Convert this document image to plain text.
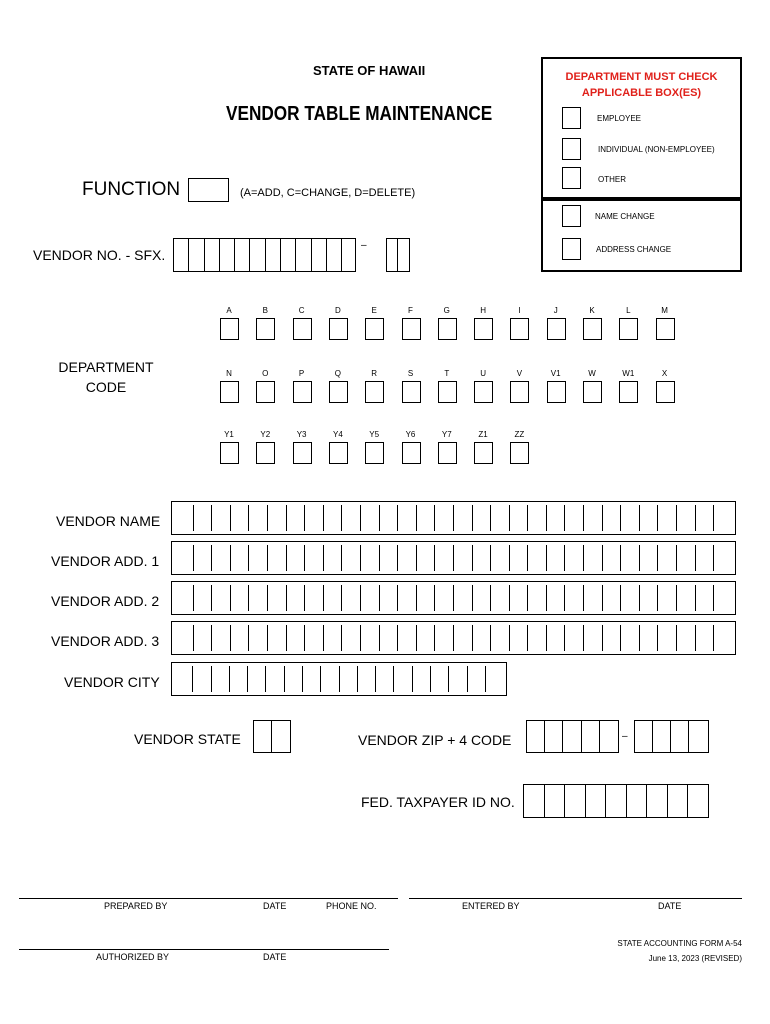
STATE OF HAWAII
VENDOR TABLE MAINTENANCE
DEPARTMENT MUST CHECK
APPLICABLE BOX(ES)
EMPLOYEE
INDIVIDUAL (NON-EMPLOYEE)
OTHER
NAME CHANGE
ADDRESS CHANGE
FUNCTION	(A=ADD, C=CHANGE, D=DELETE)
VENDOR NO. - SFX.
–
DEPARTMENT
CODE
A	B	C	D	E	F	G	H	I	J	K	L	M
N	O	P	Q	R	S	T	U	V	V1	W	W1	X
Y1	Y2	Y3	Y4	Y5	Y6	Y7	Z1	ZZ
VENDOR NAME
VENDOR ADD. 1
VENDOR ADD. 2
VENDOR ADD. 3
VENDOR CITY
VENDOR STATE	VENDOR ZIP + 4 CODE	–
FED. TAXPAYER ID NO.
PREPARED BY	DATE	PHONE NO.	ENTERED BY	DATE
AUTHORIZED BY	DATE
STATE ACCOUNTING FORM A-54
June 13, 2023 (REVISED)
